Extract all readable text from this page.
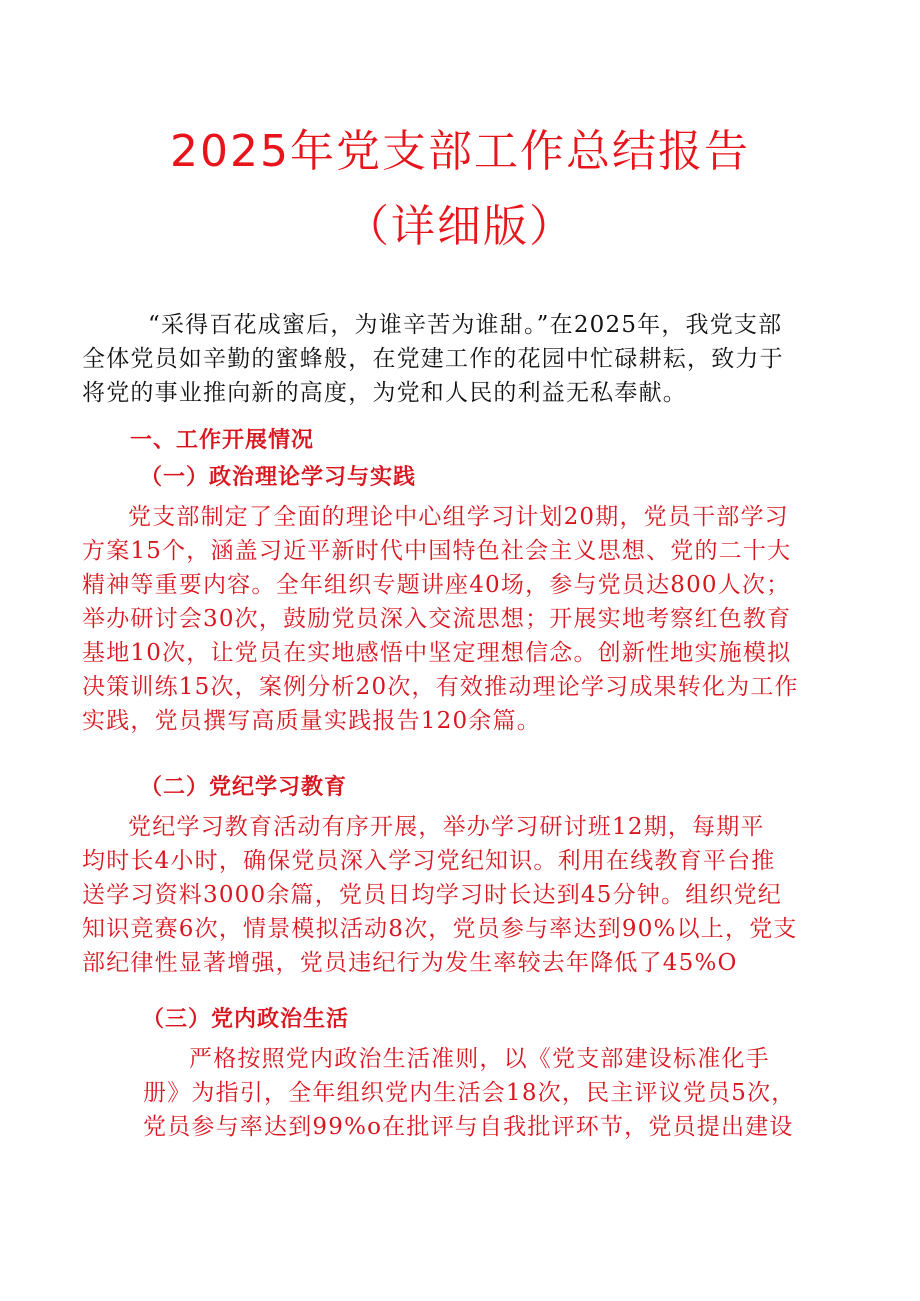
2025年党支部工作总结报告
（详细版）
“采得百花成蜜后，为谁辛苦为谁甜。”在2025年，我党支部
全体党员如辛勤的蜜蜂般，在党建工作的花园中忙碌耕耘，致力于
将党的事业推向新的高度，为党和人民的利益无私奉献。
一、工作开展情况
（一）政治理论学习与实践
党支部制定了全面的理论中心组学习计划20期，党员干部学习
方案15个，涵盖习近平新时代中国特色社会主义思想、党的二十大
精神等重要内容。全年组织专题讲座40场，参与党员达800人次；
举办研讨会30次，鼓励党员深入交流思想；开展实地考察红色教育
基地10次，让党员在实地感悟中坚定理想信念。创新性地实施模拟
决策训练15次，案例分析20次，有效推动理论学习成果转化为工作
实践，党员撰写高质量实践报告120余篇。
（二）党纪学习教育
党纪学习教育活动有序开展，举办学习研讨班12期，每期平
均时长4小时，确保党员深入学习党纪知识。利用在线教育平台推
送学习资料3000余篇，党员日均学习时长达到45分钟。组织党纪
知识竞赛6次，情景模拟活动8次，党员参与率达到90%以上，党支
部纪律性显著增强，党员违纪行为发生率较去年降低了45%O
（三）党内政治生活
严格按照党内政治生活准则，以《党支部建设标准化手
册》为指引，全年组织党内生活会18次，民主评议党员5次，
党员参与率达到99%o在批评与自我批评环节，党员提出建设
